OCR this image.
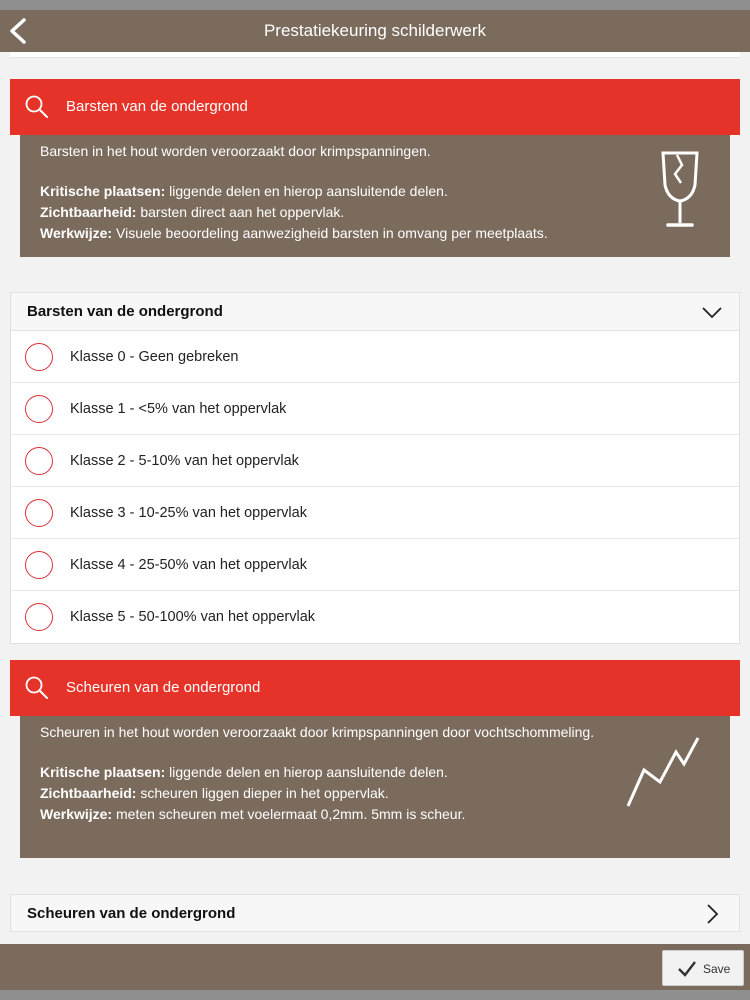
Prestatiekeuring schilderwerk
Barsten van de ondergrond
Barsten in het hout worden veroorzaakt door krimpspanningen.
Kritische plaatsen: liggende delen en hierop aansluitende delen.
Zichtbaarheid: barsten direct aan het oppervlak.
Werkwijze: Visuele beoordeling aanwezigheid barsten in omvang per meetplaats.
Barsten van de ondergrond
Klasse 0 - Geen gebreken
Klasse 1 - <5% van het oppervlak
Klasse 2 - 5-10% van het oppervlak
Klasse 3 - 10-25% van het oppervlak
Klasse 4 - 25-50% van het oppervlak
Klasse 5 - 50-100% van het oppervlak
Scheuren van de ondergrond
Scheuren in het hout worden veroorzaakt door krimpspanningen door vochtschommeling.
Kritische plaatsen: liggende delen en hierop aansluitende delen.
Zichtbaarheid: scheuren liggen dieper in het oppervlak.
Werkwijze: meten scheuren met voelermaat 0,2mm. 5mm is scheur.
Scheuren van de ondergrond
Save
